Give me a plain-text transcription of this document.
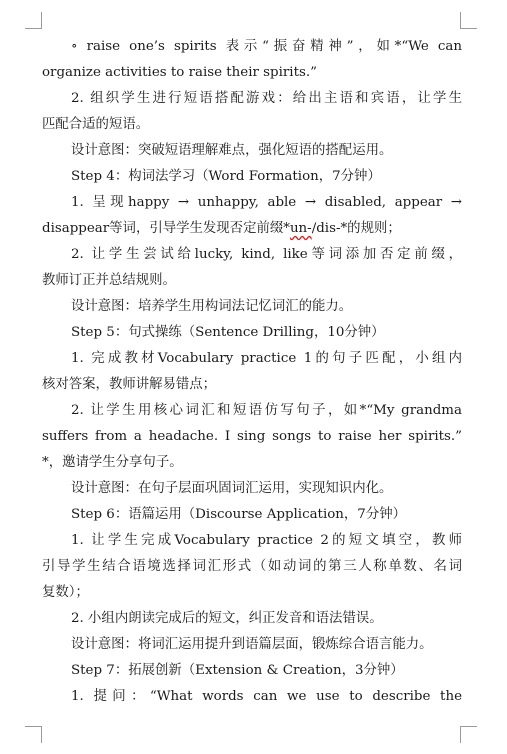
∘ raise one’s spirits 表示“振奋精神”，如*“We can
organize activities to raise their spirits.”
2. 组织学生进行短语搭配游戏：给出主语和宾语，让学生
匹配合适的短语。
设计意图：突破短语理解难点，强化短语的搭配运用。
Step 4：构词法学习（Word Formation，7分钟）
1. 呈现happy → unhappy, able → disabled, appear →
disappear等词，引导学生发现否定前缀*un-/dis-*的规则；
2. 让学生尝试给lucky, kind, like等词添加否定前缀，
教师订正并总结规则。
设计意图：培养学生用构词法记忆词汇的能力。
Step 5：句式操练（Sentence Drilling，10分钟）
1. 完成教材Vocabulary practice 1的句子匹配，小组内
核对答案，教师讲解易错点；
2. 让学生用核心词汇和短语仿写句子，如*“My grandma
suffers from a headache. I sing songs to raise her spirits.”
*，邀请学生分享句子。
设计意图：在句子层面巩固词汇运用，实现知识内化。
Step 6：语篇运用（Discourse Application，7分钟）
1. 让学生完成Vocabulary practice 2的短文填空，教师
引导学生结合语境选择词汇形式（如动词的第三人称单数、名词
复数）；
2. 小组内朗读完成后的短文，纠正发音和语法错误。
设计意图：将词汇运用提升到语篇层面，锻炼综合语言能力。
Step 7：拓展创新（Extension & Creation，3分钟）
1. 提问：“What words can we use to describe the
